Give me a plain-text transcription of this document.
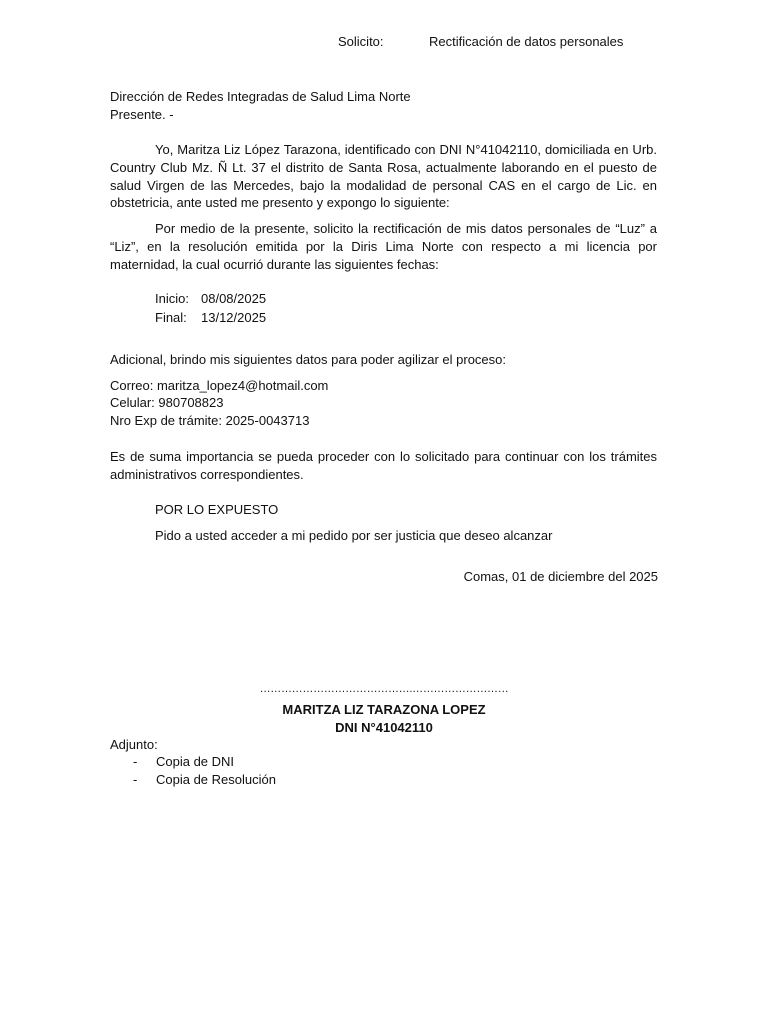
Solicito:	Rectificación de datos personales
Dirección de Redes Integradas de Salud Lima Norte
Presente. -

Yo, Maritza Liz López Tarazona, identificado con DNI N°41042110, domiciliada en Urb. Country Club Mz. Ñ Lt. 37 el distrito de Santa Rosa, actualmente laborando en el puesto de salud Virgen de las Mercedes, bajo la modalidad de personal CAS en el cargo de Lic. en obstetricia, ante usted me presento y expongo lo siguiente:

Por medio de la presente, solicito la rectificación de mis datos personales de “Luz” a “Liz”, en la resolución emitida por la Diris Lima Norte con respecto a mi licencia por maternidad, la cual ocurrió durante las siguientes fechas:

Inicio: 08/08/2025
Final: 13/12/2025
Adicional, brindo mis siguientes datos para poder agilizar el proceso:
Correo: maritza_lopez4@hotmail.com
Celular: 980708823
Nro Exp de trámite: 2025-0043713

Es de suma importancia se pueda proceder con lo solicitado para continuar con los trámites administrativos correspondientes.

POR LO EXPUESTO
Pido a usted acceder a mi pedido por ser justicia que deseo alcanzar
Comas, 01 de diciembre del 2025
…………………………………….………………………
MARITZA LIZ TARAZONA LOPEZ
DNI N°41042110
Adjunto:
- Copia de DNI
- Copia de Resolución
